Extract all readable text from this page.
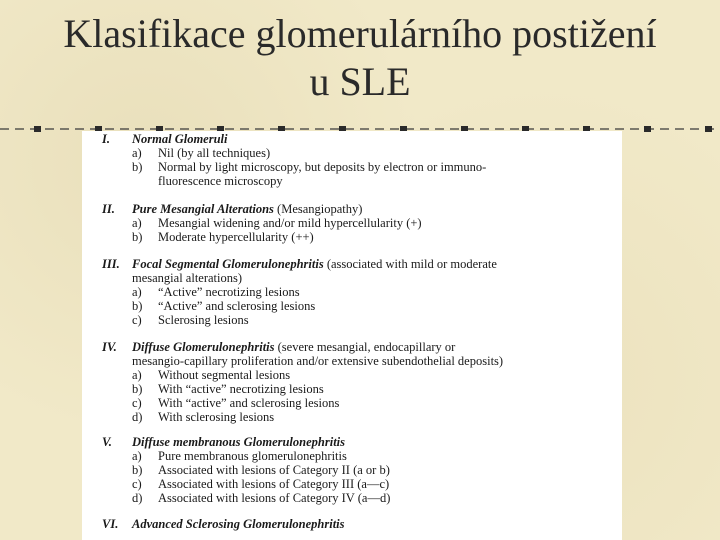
Klasifikace glomerulárního postižení
u SLE
I. Normal Glomeruli
a) Nil (by all techniques)
b) Normal by light microscopy, but deposits by electron or immuno-
fluorescence microscopy
II. Pure Mesangial Alterations (Mesangiopathy)
a) Mesangial widening and/or mild hypercellularity (+)
b) Moderate hypercellularity (++)
III. Focal Segmental Glomerulonephritis (associated with mild or moderate
mesangial alterations)
a) “Active” necrotizing lesions
b) “Active” and sclerosing lesions
c) Sclerosing lesions
IV. Diffuse Glomerulonephritis (severe mesangial, endocapillary or
mesangio-capillary proliferation and/or extensive subendothelial deposits)
a) Without segmental lesions
b) With “active” necrotizing lesions
c) With “active” and sclerosing lesions
d) With sclerosing lesions
V. Diffuse membranous Glomerulonephritis
a) Pure membranous glomerulonephritis
b) Associated with lesions of Category II (a or b)
c) Associated with lesions of Category III (a—c)
d) Associated with lesions of Category IV (a—d)
VI. Advanced Sclerosing Glomerulonephritis
